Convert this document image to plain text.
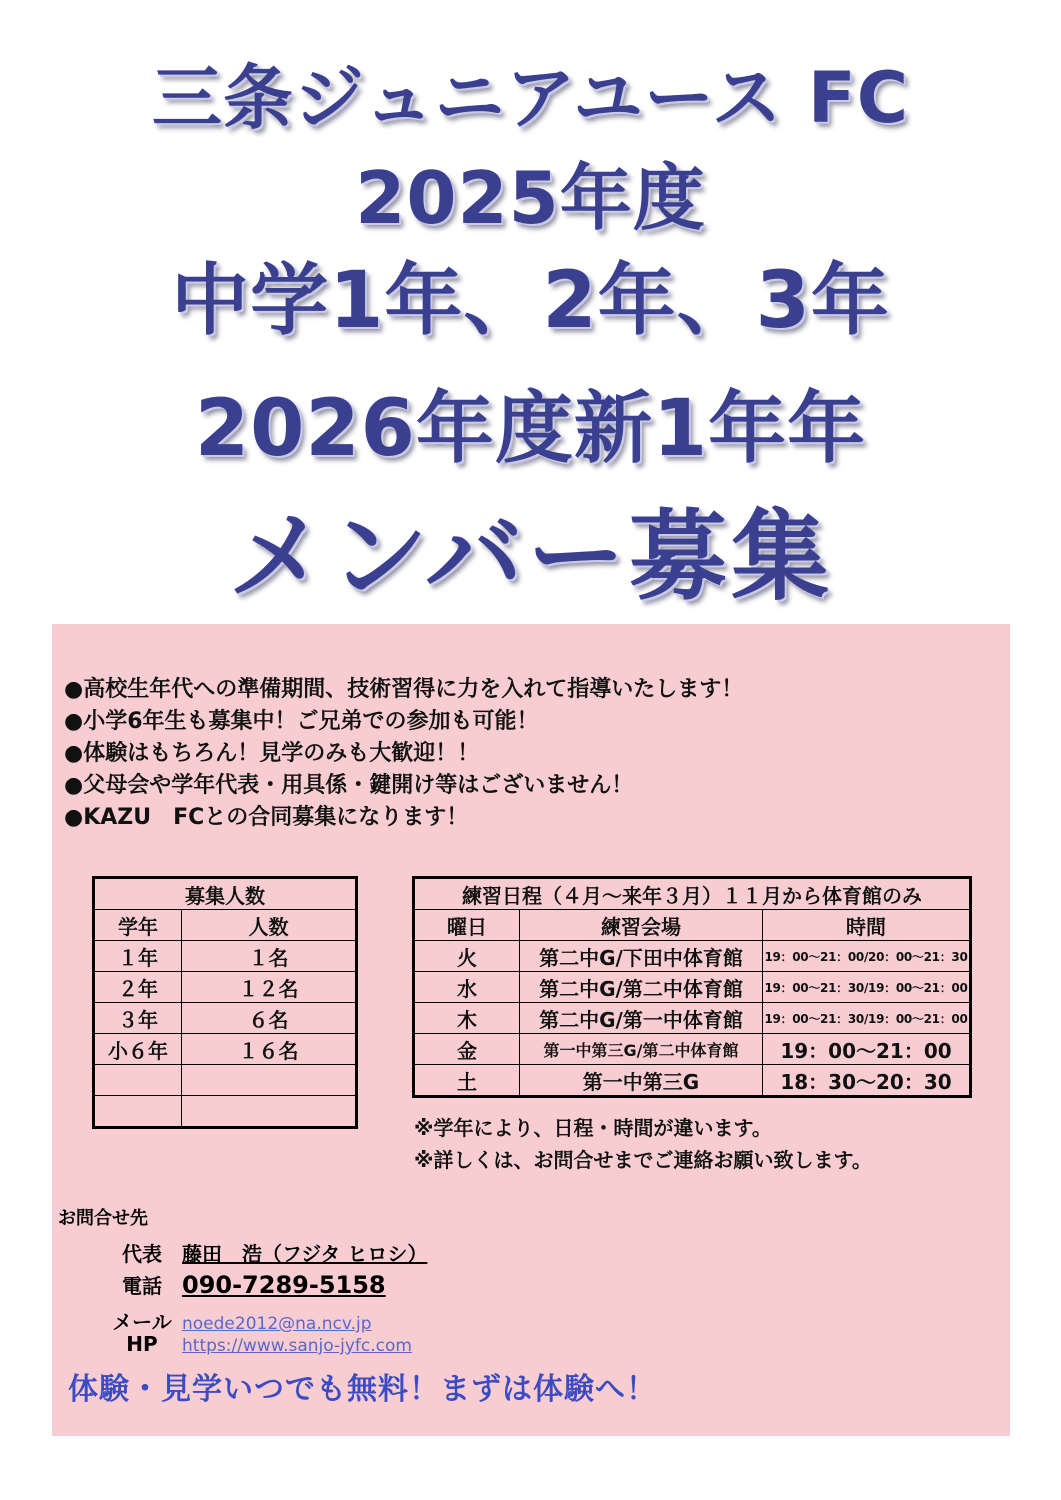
三条ジュニアユース FC
2025年度
中学1年、2年、3年
2026年度新1年年
メンバー募集
●高校生年代への準備期間、技術習得に力を入れて指導いたします！
●小学6年生も募集中！ご兄弟での参加も可能！
●体験はもちろん！見学のみも大歓迎！！
●父母会や学年代表・用具係・鍵開け等はございません！
●KAZU　FCとの合同募集になります！
募集人数	
学年	人数
１年	１名
２年	１２名
３年	６名
小６年	１６名

練習日程（４月～来年３月）１１月から体育館のみ		
曜日	練習会場	時間
火	第二中G/下田中体育館	19：00～21：00/20：00～21：30
水	第二中G/第二中体育館	19：00～21：30/19：00～21：00
木	第二中G/第一中体育館	19：00～21：30/19：00～21：00
金	第一中第三G/第二中体育館	19：00～21：00
土	第一中第三G	18：30～20：30
※学年により、日程・時間が違います。
※詳しくは、お問合せまでご連絡お願い致します。
お問合せ先
代表	藤田　浩（フジタ ヒロシ）
電話 090-7289-5158
メール noede2012@na.ncv.jp
HP	https://www.sanjo-jyfc.com
体験・見学いつでも無料！まずは体験へ！
